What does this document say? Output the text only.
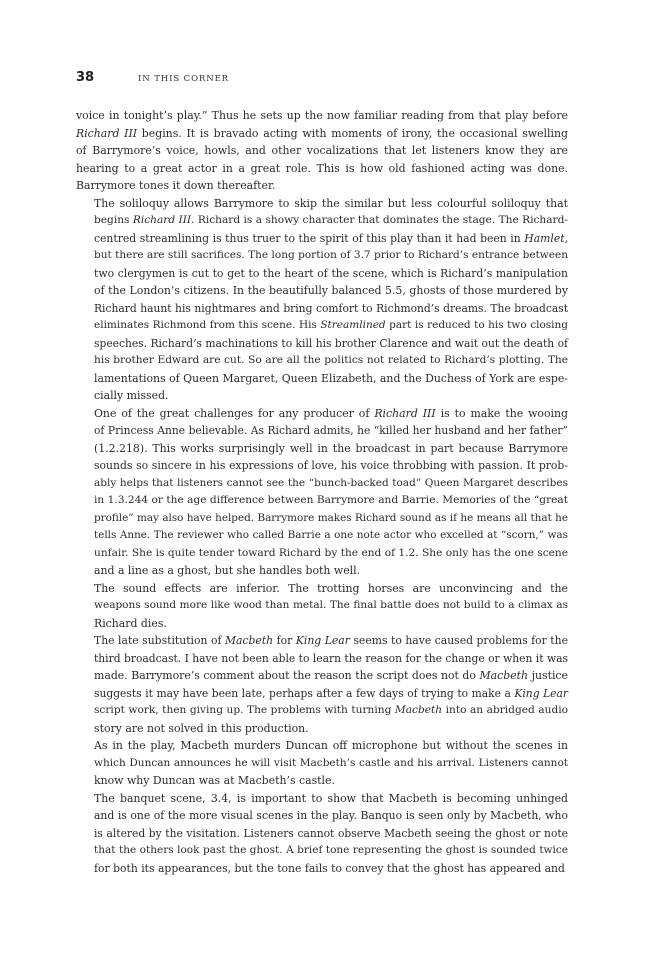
38	IN THIS CORNER

voice in tonight’s play.” Thus he sets up the now familiar reading from that play before
Richard III begins. It is bravado acting with moments of irony, the occasional swelling
of Barrymore’s voice, howls, and other vocalizations that let listeners know they are
hearing to a great actor in a great role. This is how old fashioned acting was done.
Barrymore tones it down thereafter.

The soliloquy allows Barrymore to skip the similar but less colourful soliloquy that
begins Richard III. Richard is a showy character that dominates the stage. The Richard-
centred streamlining is thus truer to the spirit of this play than it had been in Hamlet,
but there are still sacrifices. The long portion of 3.7 prior to Richard’s entrance between
two clergymen is cut to get to the heart of the scene, which is Richard’s manipulation
of the London’s citizens. In the beautifully balanced 5.5, ghosts of those murdered by
Richard haunt his nightmares and bring comfort to Richmond’s dreams. The broadcast
eliminates Richmond from this scene. His Streamlined part is reduced to his two closing
speeches. Richard’s machinations to kill his brother Clarence and wait out the death of
his brother Edward are cut. So are all the politics not related to Richard’s plotting. The
lamentations of Queen Margaret, Queen Elizabeth, and the Duchess of York are espe-
cially missed.

One of the great challenges for any producer of Richard III is to make the wooing
of Princess Anne believable. As Richard admits, he “killed her husband and her father”
(1.2.218). This works surprisingly well in the broadcast in part because Barrymore
sounds so sincere in his expressions of love, his voice throbbing with passion. It prob-
ably helps that listeners cannot see the “bunch-backed toad” Queen Margaret describes
in 1.3.244 or the age difference between Barrymore and Barrie. Memories of the “great
profile” may also have helped. Barrymore makes Richard sound as if he means all that he
tells Anne. The reviewer who called Barrie a one note actor who excelled at “scorn,” was
unfair. She is quite tender toward Richard by the end of 1.2. She only has the one scene
and a line as a ghost, but she handles both well.

The sound effects are inferior. The trotting horses are unconvincing and the
weapons sound more like wood than metal. The final battle does not build to a climax as
Richard dies.

The late substitution of Macbeth for King Lear seems to have caused problems for the
third broadcast. I have not been able to learn the reason for the change or when it was
made. Barrymore’s comment about the reason the script does not do Macbeth justice
suggests it may have been late, perhaps after a few days of trying to make a King Lear
script work, then giving up. The problems with turning Macbeth into an abridged audio
story are not solved in this production.

As in the play, Macbeth murders Duncan off microphone but without the scenes in
which Duncan announces he will visit Macbeth’s castle and his arrival. Listeners cannot
know why Duncan was at Macbeth’s castle.

The banquet scene, 3.4, is important to show that Macbeth is becoming unhinged
and is one of the more visual scenes in the play. Banquo is seen only by Macbeth, who
is altered by the visitation. Listeners cannot observe Macbeth seeing the ghost or note
that the others look past the ghost. A brief tone representing the ghost is sounded twice
for both its appearances, but the tone fails to convey that the ghost has appeared and
